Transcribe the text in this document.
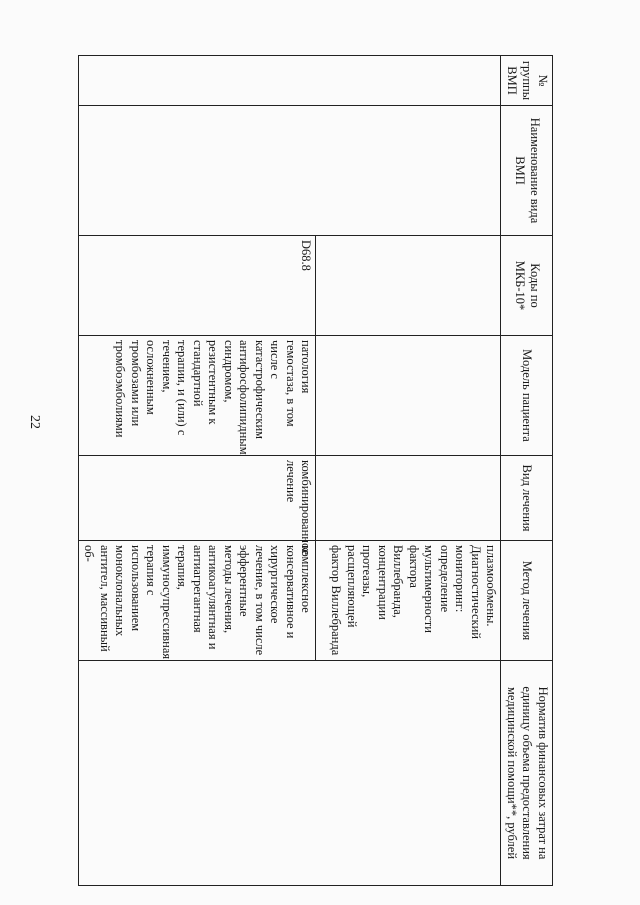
22
№ группы ВМП	Наименование вида ВМП	Коды по МКБ-10*	Модель пациента	Вид лечения	Метод лечения	Норматив финансовых затрат на единицу объема предоставления медицинской помощи**, рублей
					плазмообмены. Диагностический мониторинг: определение мультимерности фактора Виллебранда, концентрации протеазы, расщепляющей фактор Виллебранда	
		D68.8	патология гемостаза, в том числе с катастрофическим антифосфолипидным синдромом, резистентным к стандартной терапии, и (или) с течением, осложненным тромбозами или тромбоэмболиями	комбинированное лечение	комплексное консервативное и хирургическое лечение, в том числе эфферентные методы лечения, антикоагулянтная и антиагрегантная терапия, иммуносупрессивная терапия с использованием моноклональных антител, массивный об-	
